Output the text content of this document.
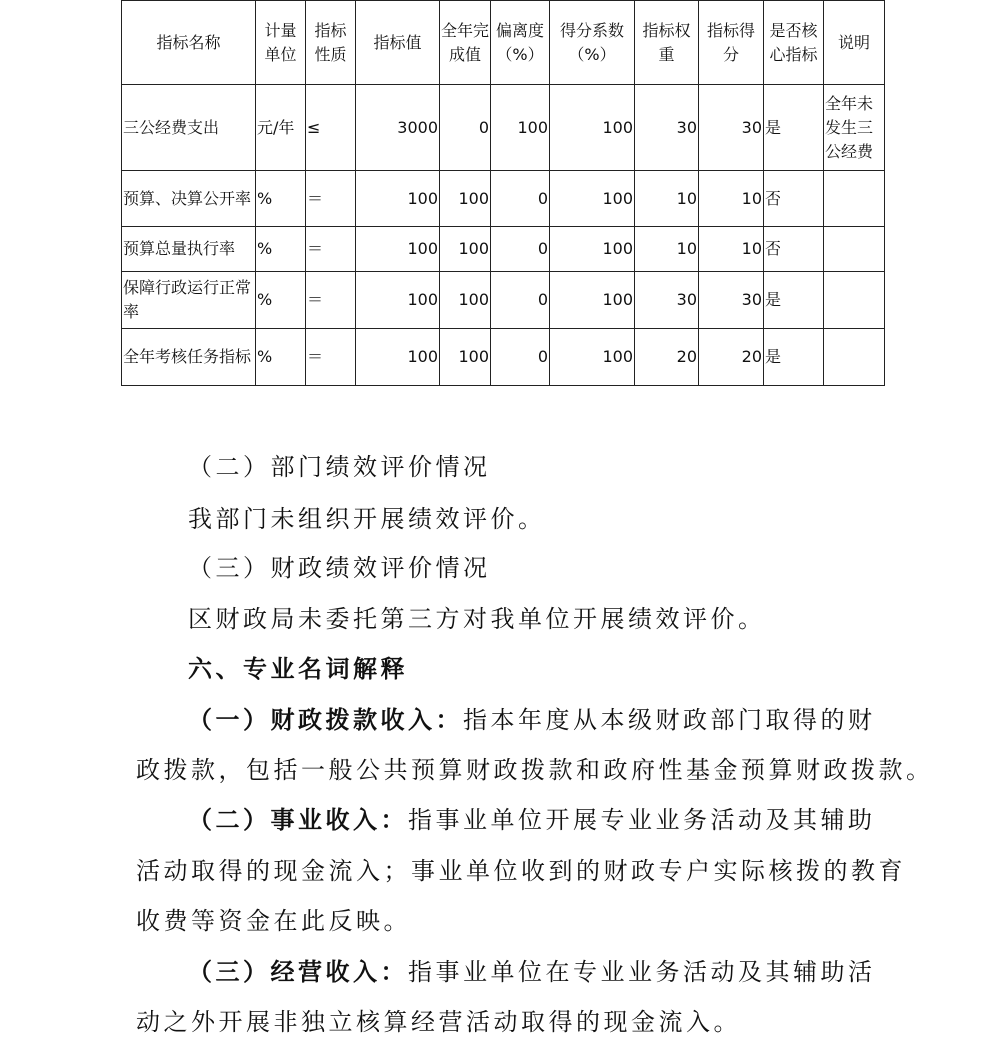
指标名称	计量单位	指标性质	指标值	全年完成值	偏离度（%）	得分系数（%）	指标权重	指标得分	是否核心指标	说明
三公经费支出	元/年	≤	3000	0	100	100	30	30	是	全年未发生三公经费
预算、决算公开率	%	＝	100	100	0	100	10	10	否	
预算总量执行率	%	＝	100	100	0	100	10	10	否	
保障行政运行正常率	%	＝	100	100	0	100	30	30	是	
全年考核任务指标	%	＝	100	100	0	100	20	20	是	
（二）部门绩效评价情况
我部门未组织开展绩效评价。
（三）财政绩效评价情况
区财政局未委托第三方对我单位开展绩效评价。
六、专业名词解释
（一）财政拨款收入：指本年度从本级财政部门取得的财
政拨款，包括一般公共预算财政拨款和政府性基金预算财政拨款。
（二）事业收入：指事业单位开展专业业务活动及其辅助
活动取得的现金流入；事业单位收到的财政专户实际核拨的教育
收费等资金在此反映。
（三）经营收入：指事业单位在专业业务活动及其辅助活
动之外开展非独立核算经营活动取得的现金流入。
